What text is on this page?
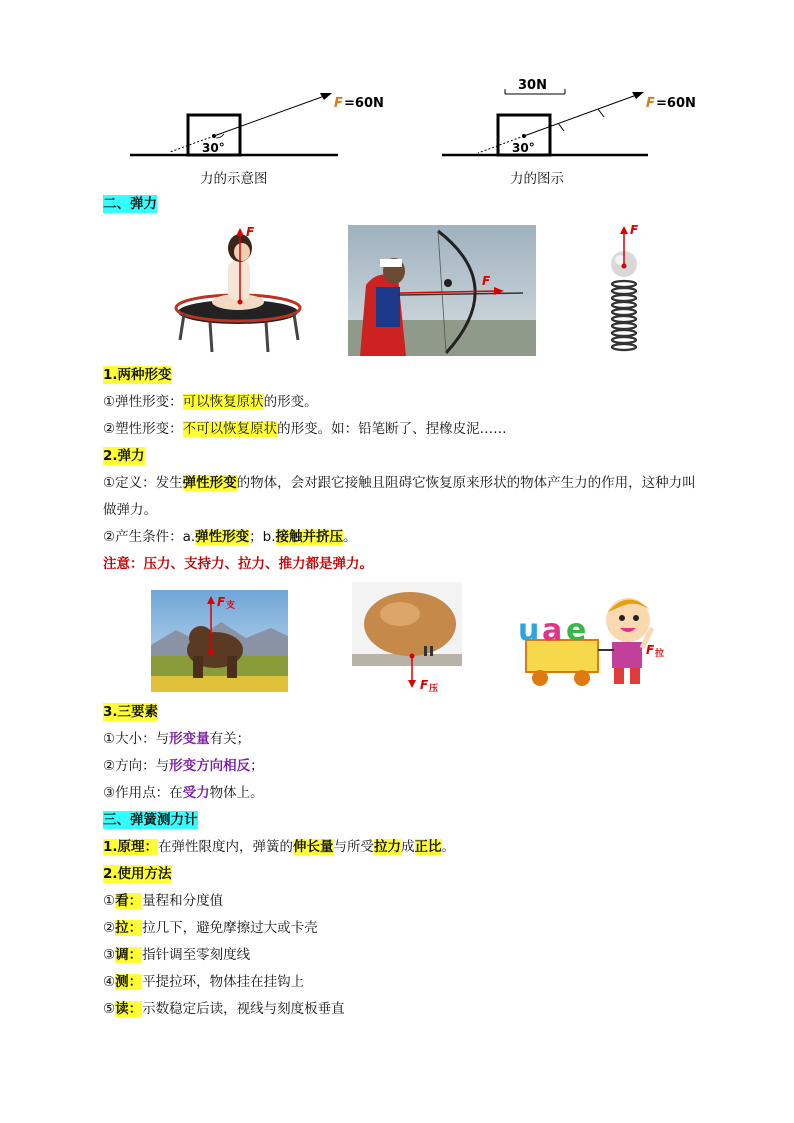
F =60N
30°
力的示意图
30N
F =60N
30°
力的图示
二、弹力
F
F
F
1.两种形变
①弹性形变：可以恢复原状的形变。
②塑性形变：不可以恢复原状的形变。如：铅笔断了、捏橡皮泥……
2.弹力
①定义：发生弹性形变的物体，会对跟它接触且阻碍它恢复原来形状的物体产生力的作用，这种力叫
做弹力。
②产生条件：a.弹性形变；b.接触并挤压。
注意：压力、支持力、拉力、推力都是弹力。
F 支
F 压
u a e
F 拉
3.三要素
①大小：与形变量有关；
②方向：与形变方向相反；
③作用点：在受力物体上。
三、弹簧测力计
1.原理：在弹性限度内，弹簧的伸长量与所受拉力成正比。
2.使用方法
①看：量程和分度值
②拉：拉几下，避免摩擦过大或卡壳
③调：指针调至零刻度线
④测：平提拉环，物体挂在挂钩上
⑤读：示数稳定后读，视线与刻度板垂直
